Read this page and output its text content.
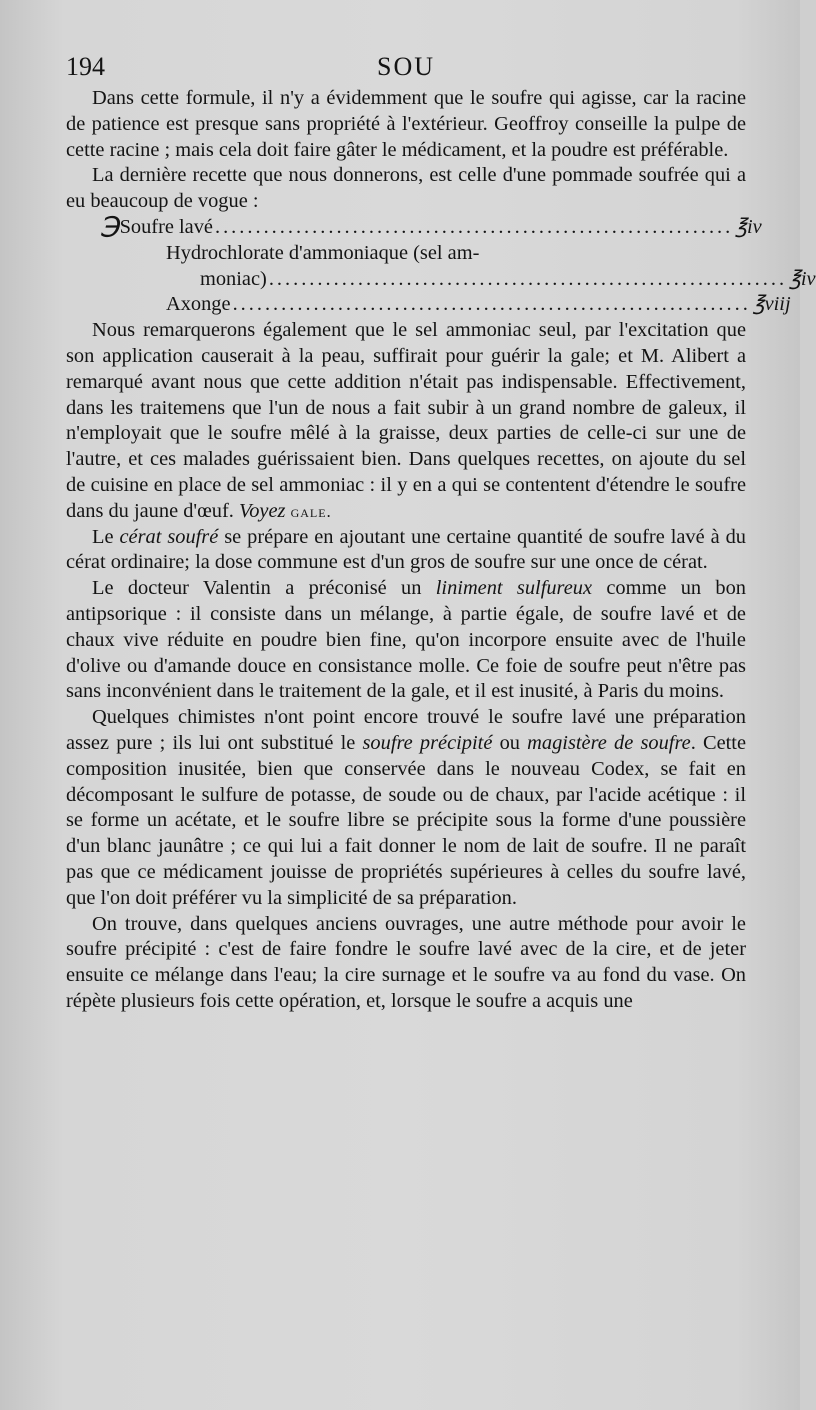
194	SOU

Dans cette formule, il n'y a évidemment que le soufre qui agisse, car la racine de patience est presque sans propriété à l'extérieur. Geoffroy conseille la pulpe de cette racine ; mais cela doit faire gâter le médicament, et la poudre est préférable.

La dernière recette que nous donnerons, est celle d'une pommade soufrée qui a eu beaucoup de vogue :

℈ Soufre lavé ................................................................ ℥iv
Hydrochlorate d'ammoniaque (sel am-
moniac) ................................................................ ℥iv
Axonge ................................................................ ℥viij

Nous remarquerons également que le sel ammoniac seul, par l'excitation que son application causerait à la peau, suffirait pour guérir la gale; et M. Alibert a remarqué avant nous que cette addition n'était pas indispensable. Effectivement, dans les traitemens que l'un de nous a fait subir à un grand nombre de galeux, il n'employait que le soufre mêlé à la graisse, deux parties de celle-ci sur une de l'autre, et ces malades guérissaient bien. Dans quelques recettes, on ajoute du sel de cuisine en place de sel ammoniac : il y en a qui se contentent d'étendre le soufre dans du jaune d'œuf. Voyez gale.

Le cérat soufré se prépare en ajoutant une certaine quantité de soufre lavé à du cérat ordinaire; la dose commune est d'un gros de soufre sur une once de cérat.

Le docteur Valentin a préconisé un liniment sulfureux comme un bon antipsorique : il consiste dans un mélange, à partie égale, de soufre lavé et de chaux vive réduite en poudre bien fine, qu'on incorpore ensuite avec de l'huile d'olive ou d'amande douce en consistance molle. Ce foie de soufre peut n'être pas sans inconvénient dans le traitement de la gale, et il est inusité, à Paris du moins.

Quelques chimistes n'ont point encore trouvé le soufre lavé une préparation assez pure ; ils lui ont substitué le soufre précipité ou magistère de soufre. Cette composition inusitée, bien que conservée dans le nouveau Codex, se fait en décomposant le sulfure de potasse, de soude ou de chaux, par l'acide acétique : il se forme un acétate, et le soufre libre se précipite sous la forme d'une poussière d'un blanc jaunâtre ; ce qui lui a fait donner le nom de lait de soufre. Il ne paraît pas que ce médicament jouisse de propriétés supérieures à celles du soufre lavé, que l'on doit préférer vu la simplicité de sa préparation.

On trouve, dans quelques anciens ouvrages, une autre méthode pour avoir le soufre précipité : c'est de faire fondre le soufre lavé avec de la cire, et de jeter ensuite ce mélange dans l'eau; la cire surnage et le soufre va au fond du vase. On répète plusieurs fois cette opération, et, lorsque le soufre a acquis une
